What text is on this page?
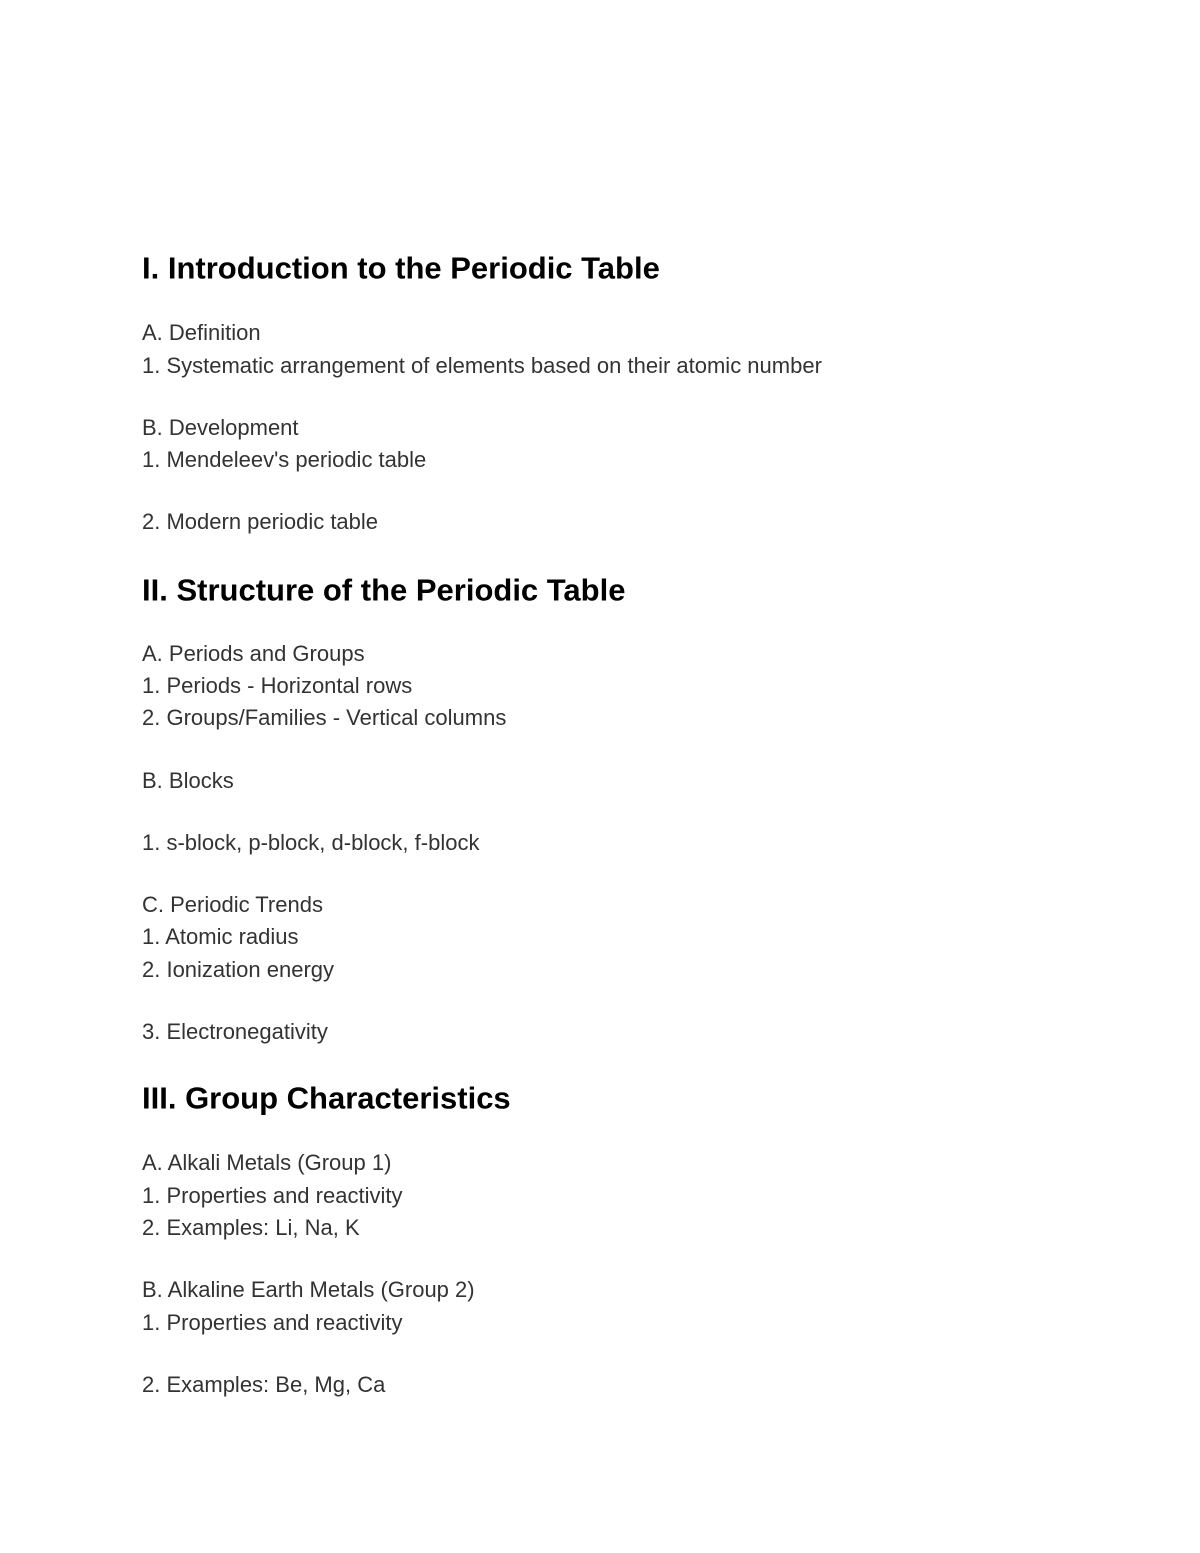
I. Introduction to the Periodic Table
A. Definition
1. Systematic arrangement of elements based on their atomic number
B. Development
1. Mendeleev's periodic table
2. Modern periodic table
II. Structure of the Periodic Table
A. Periods and Groups
1. Periods - Horizontal rows
2. Groups/Families - Vertical columns
B. Blocks
1. s-block, p-block, d-block, f-block
C. Periodic Trends
1. Atomic radius
2. Ionization energy
3. Electronegativity
III. Group Characteristics
A. Alkali Metals (Group 1)
1. Properties and reactivity
2. Examples: Li, Na, K
B. Alkaline Earth Metals (Group 2)
1. Properties and reactivity
2. Examples: Be, Mg, Ca
